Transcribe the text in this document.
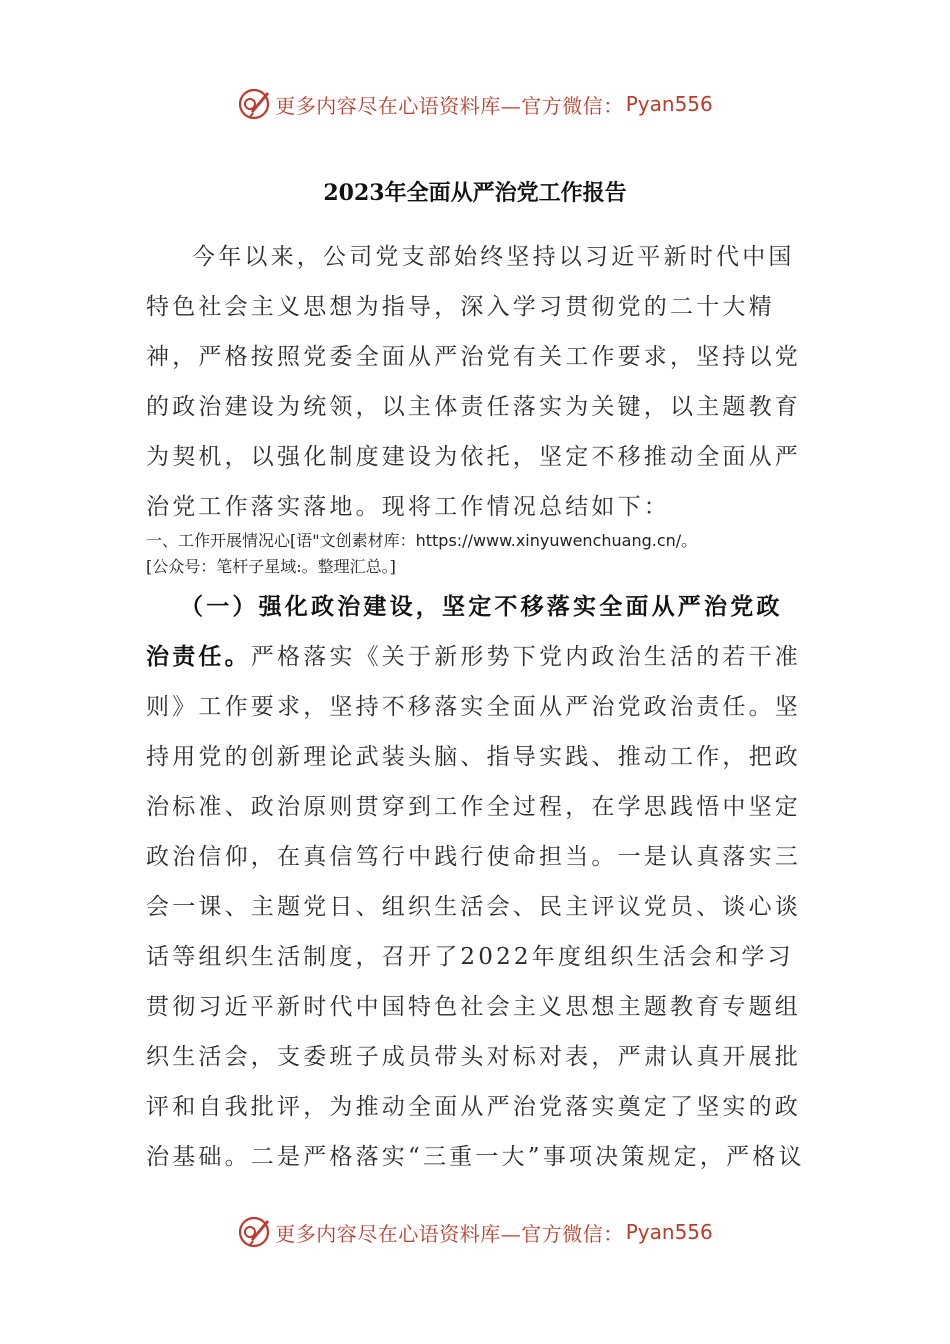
更多内容尽在心语资料库—官方微信： Pyan556
2023年全面从严治党工作报告

今年以来，公司党支部始终坚持以习近平新时代中国特色社会主义思想为指导，深入学习贯彻党的二十大精神，严格按照党委全面从严治党有关工作要求，坚持以党的政治建设为统领，以主体责任落实为关键，以主题教育为契机，以强化制度建设为依托，坚定不移推动全面从严治党工作落实落地。现将工作情况总结如下：

一、工作开展情况心[语"文创素材库：https://www.xinyuwenchuang.cn/。
[公众号：笔杆子星域:。整理汇总。]

（一）强化政治建设，坚定不移落实全面从严治党政治责任。严格落实《关于新形势下党内政治生活的若干准则》工作要求，坚持不移落实全面从严治党政治责任。坚持用党的创新理论武装头脑、指导实践、推动工作，把政治标准、政治原则贯穿到工作全过程，在学思践悟中坚定政治信仰，在真信笃行中践行使命担当。一是认真落实三会一课、主题党日、组织生活会、民主评议党员、谈心谈话等组织生活制度，召开了2022年度组织生活会和学习贯彻习近平新时代中国特色社会主义思想主题教育专题组织生活会，支委班子成员带头对标对表，严肃认真开展批评和自我批评，为推动全面从严治党落实奠定了坚实的政治基础。二是严格落实“三重一大”事项决策规定，严格议

更多内容尽在心语资料库—官方微信： Pyan556
